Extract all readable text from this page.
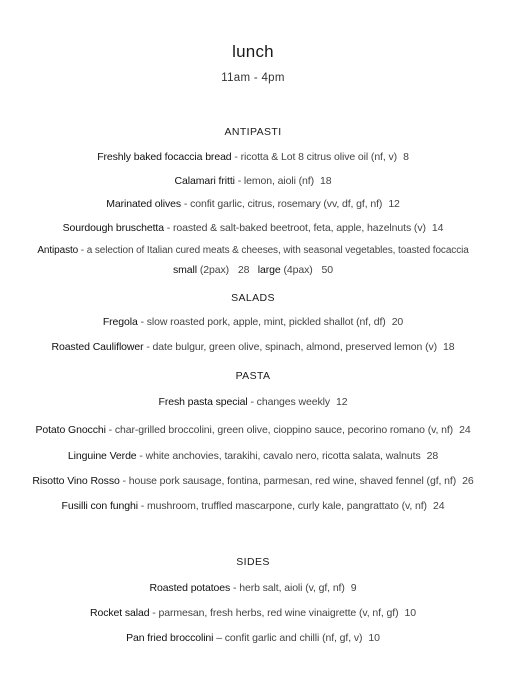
lunch
11am - 4pm
ANTIPASTI
Freshly baked focaccia bread - ricotta & Lot 8 citrus olive oil (nf, v) 8
Calamari fritti - lemon, aioli (nf) 18
Marinated olives - confit garlic, citrus, rosemary (vv, df, gf, nf) 12
Sourdough bruschetta - roasted & salt-baked beetroot, feta, apple, hazelnuts (v) 14
Antipasto - a selection of Italian cured meats & cheeses, with seasonal vegetables, toasted focaccia
small (2pax) 28 large (4pax) 50
SALADS
Fregola - slow roasted pork, apple, mint, pickled shallot (nf, df) 20
Roasted Cauliflower - date bulgur, green olive, spinach, almond, preserved lemon (v) 18
PASTA
Fresh pasta special - changes weekly 12
Potato Gnocchi - char-grilled broccolini, green olive, cioppino sauce, pecorino romano (v, nf) 24
Linguine Verde - white anchovies, tarakihi, cavalo nero, ricotta salata, walnuts 28
Risotto Vino Rosso - house pork sausage, fontina, parmesan, red wine, shaved fennel (gf, nf) 26
Fusilli con funghi - mushroom, truffled mascarpone, curly kale, pangrattato (v, nf) 24
SIDES
Roasted potatoes - herb salt, aioli (v, gf, nf) 9
Rocket salad - parmesan, fresh herbs, red wine vinaigrette (v, nf, gf) 10
Pan fried broccolini – confit garlic and chilli (nf, gf, v) 10
